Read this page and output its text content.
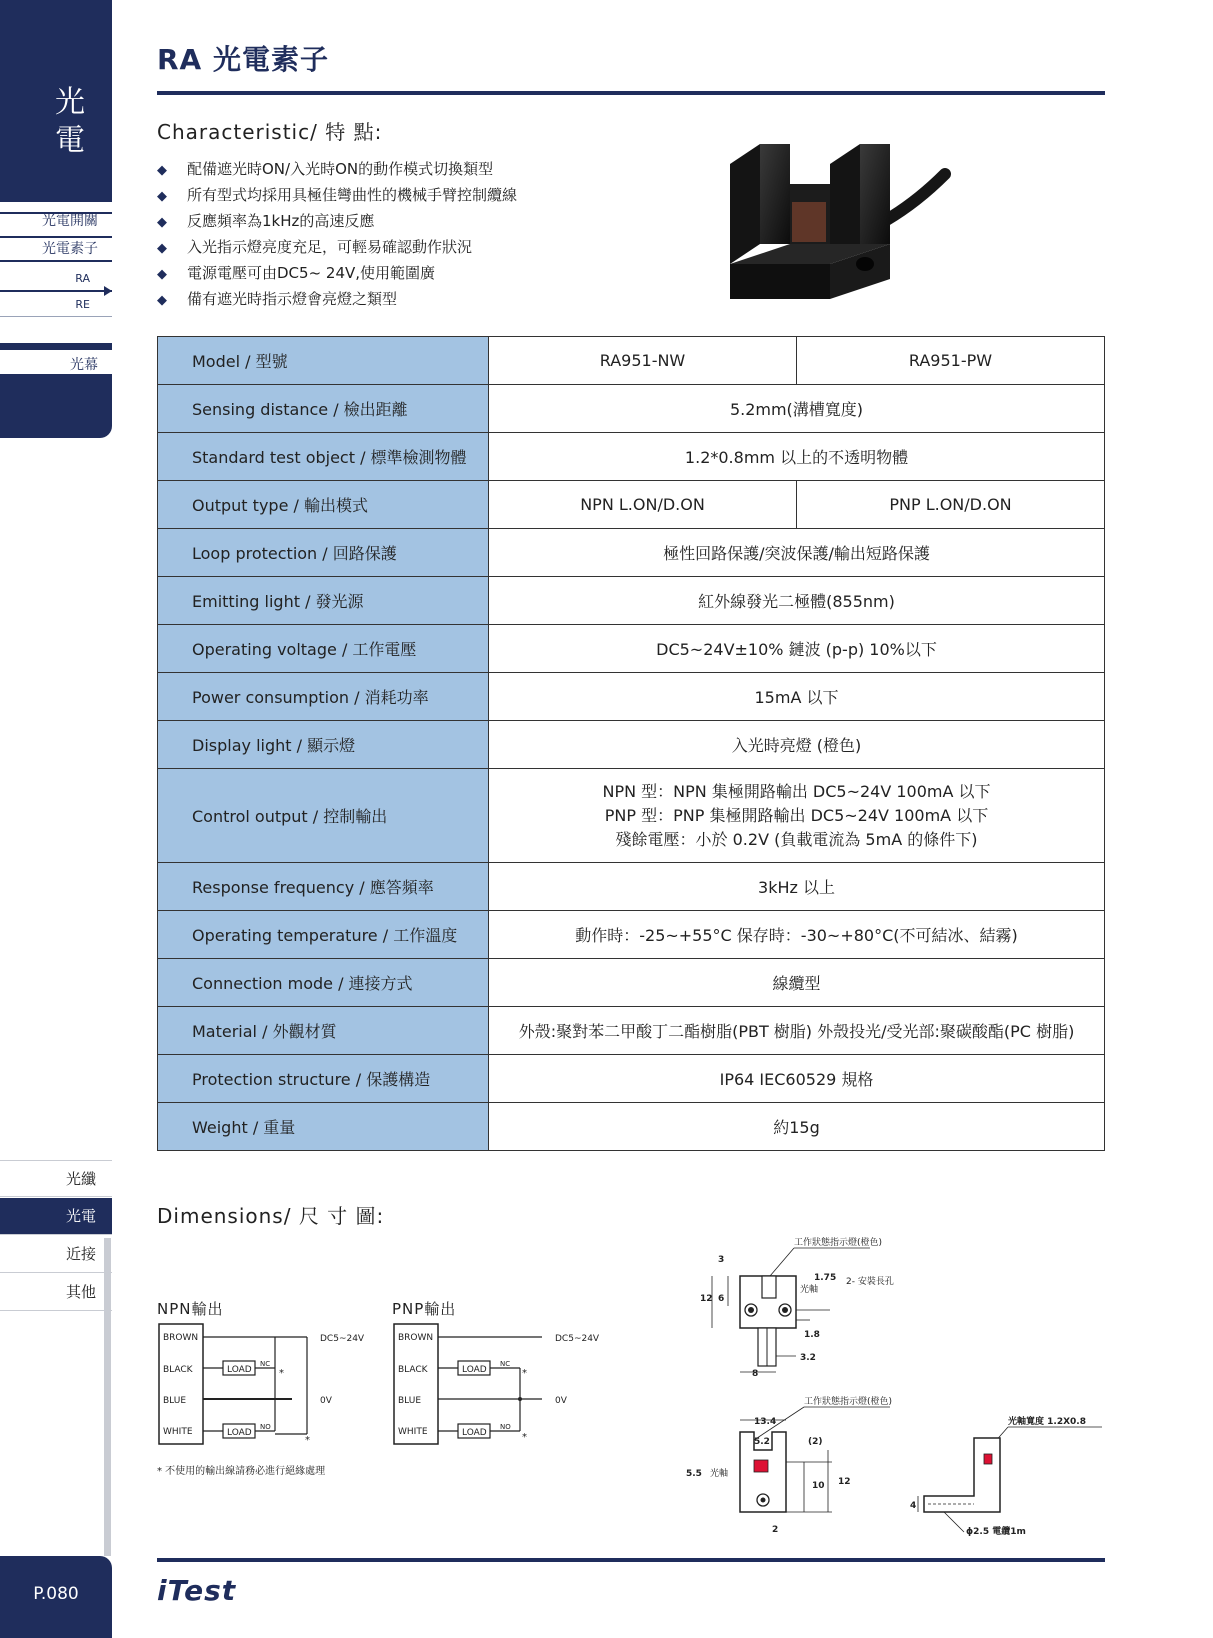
光
電
光電開關
光電素子
RA
RE
光幕
光纖
光電
近接
其他
P.080
RA 光電素子
Characteristic/ 特 點:
◆ 配備遮光時ON/入光時ON的動作模式切換類型
◆ 所有型式均採用具極佳彎曲性的機械手臂控制纜線
◆ 反應頻率為1kHz的高速反應
◆ 入光指示燈亮度充足，可輕易確認動作狀況
◆ 電源電壓可由DC5~ 24V,使用範圍廣
◆ 備有遮光時指示燈會亮燈之類型
Model / 型號	RA951-NW	RA951-PW
Sensing distance / 檢出距離	5.2mm(溝槽寬度)	
Standard test object / 標準檢測物體	1.2*0.8mm 以上的不透明物體	
Output type / 輸出模式	NPN L.ON/D.ON	PNP L.ON/D.ON
Loop protection / 回路保護	極性回路保護/突波保護/輸出短路保護	
Emitting light / 發光源	紅外線發光二極體(855nm)	
Operating voltage / 工作電壓	DC5~24V±10% 鏈波 (p-p) 10%以下	
Power consumption / 消耗功率	15mA 以下	
Display light / 顯示燈	入光時亮燈 (橙色)	
Control output / 控制輸出	NPN 型：NPN 集極開路輸出 DC5~24V 100mA 以下
PNP 型：PNP 集極開路輸出 DC5~24V 100mA 以下
殘餘電壓：小於 0.2V (負載電流為 5mA 的條件下)	

Response frequency / 應答頻率	3kHz 以上	
Operating temperature / 工作溫度	動作時：-25~+55°C 保存時：-30~+80°C(不可結冰、結霧)	
Connection mode / 連接方式	線纜型	
Material / 外觀材質	外殼:聚對苯二甲酸丁二酯樹脂(PBT 樹脂) 外殼投光/受光部:聚碳酸酯(PC 樹脂)	
Protection structure / 保護構造	IP64 IEC60529 規格	
Weight / 重量	約15g	
Dimensions/ 尺 寸 圖:
NPN輸出	PNP輸出
BROWN
BLACK
BLUE
WHITE
LOAD
NC
*
LOAD
NO
*
DC5~24V
0V
BROWN
BLACK
BLUE
WHITE
LOAD
NC
*
LOAD
NO
*
DC5~24V
0V
* 不使用的輸出線請務必進行絕緣處理
工作狀態指示燈(橙色)
3
1.75 2- 安裝長孔
光軸
12 6
1.8
3.2
8
工作狀態指示燈(橙色)
13.4
5.2	(2)
5.5 光軸
10 12
2
光軸寬度 1.2X0.8
4
ϕ2.5 電纜1m
iTest
